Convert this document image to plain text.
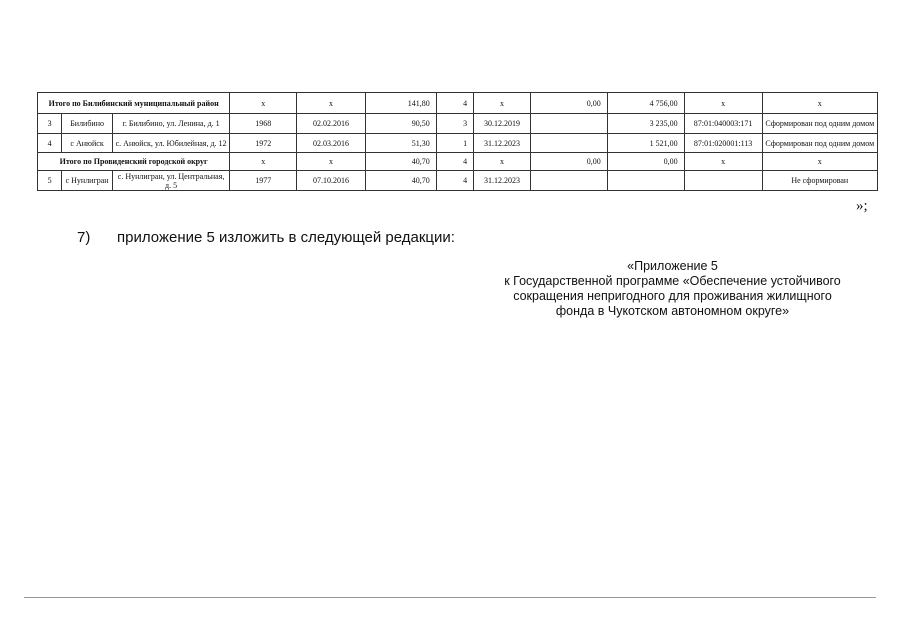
Итого по Билибинский муниципальный район			x	x	141,80	4	x	0,00	4 756,00	x	x
3	Билибино	г. Билибино, ул. Ленина, д. 1	1968	02.02.2016	90,50	3	30.12.2019		3 235,00	87:01:040003:171	Сформирован под одним домом
4	с Анюйск	с. Анюйск, ул. Юбилейная, д. 12	1972	02.03.2016	51,30	1	31.12.2023		1 521,00	87:01:020001:113	Сформирован под одним домом
Итого по Провиденский городской округ			x	x	40,70	4	x	0,00	0,00	x	x
5	с Нунлигран	с. Нунлигран, ул. Центральная, д. 5	1977	07.10.2016	40,70	4	31.12.2023				Не сформирован
»;
7) приложение 5 изложить в следующей редакции:
«Приложение 5
к Государственной программе «Обеспечение устойчивого
сокращения непригодного для проживания жилищного
фонда в Чукотском автономном округе»
